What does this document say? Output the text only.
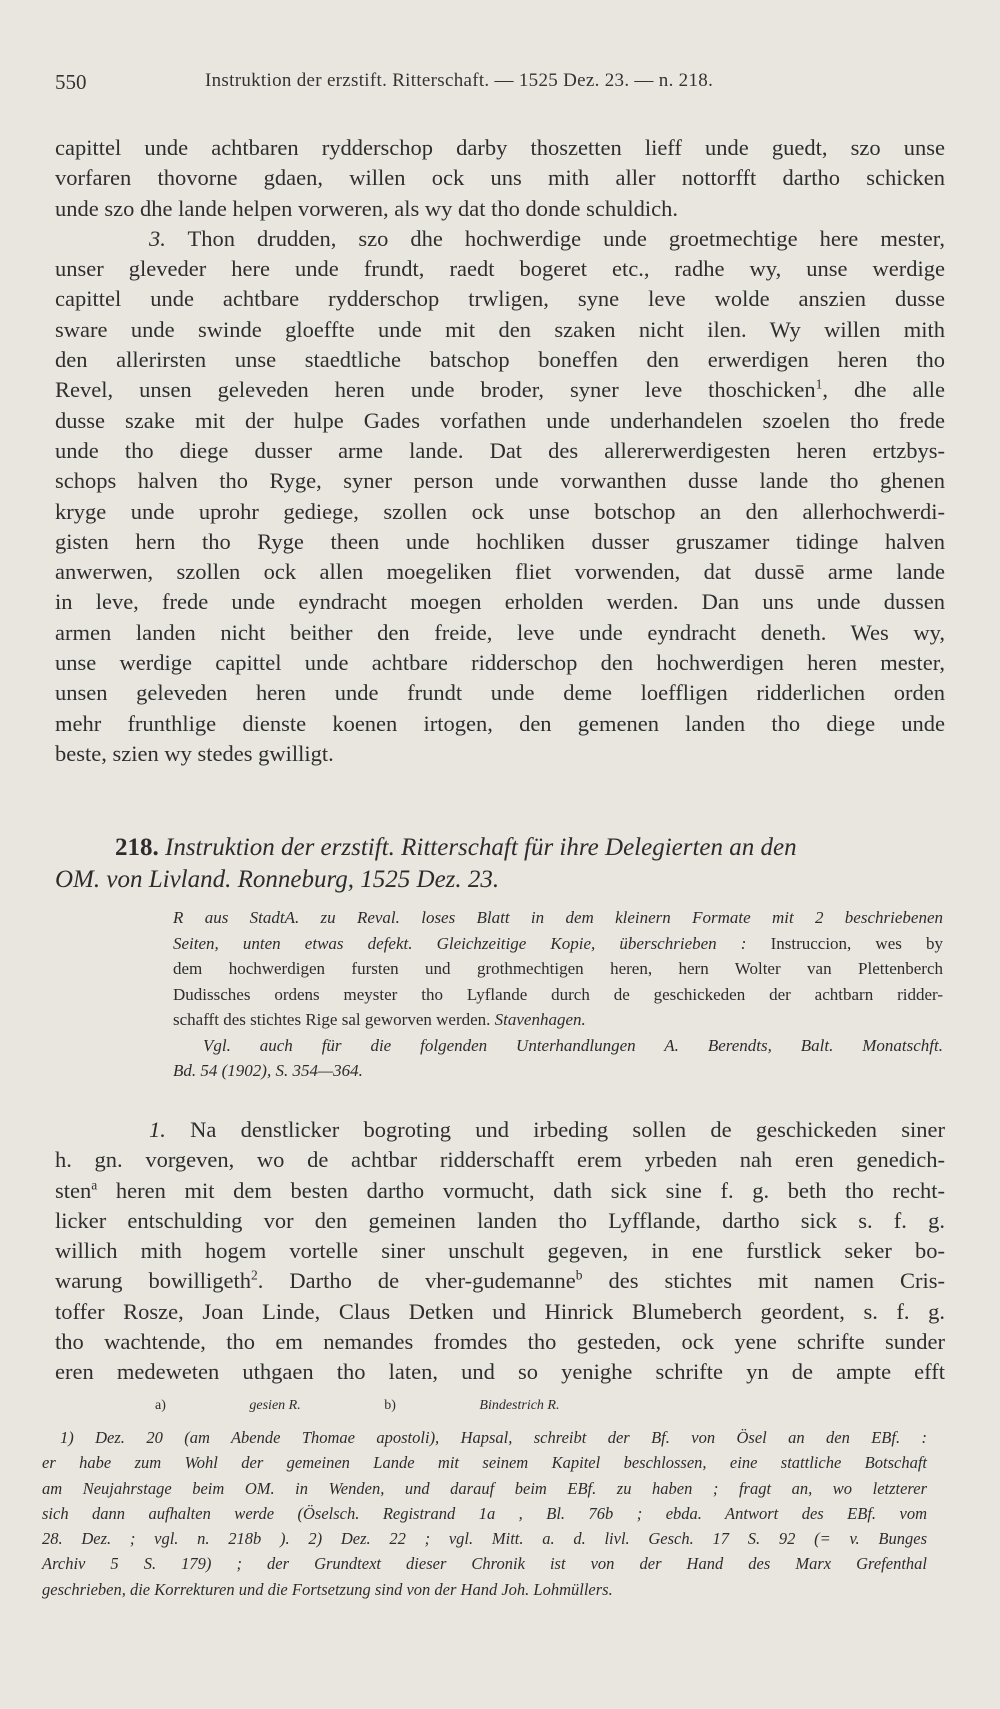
550	Instruktion der erzstift. Ritterschaft. — 1525 Dez. 23. — n. 218.
capittel unde achtbaren rydderschop darby thoszetten lieff unde guedt, szo unse
vorfaren thovorne gdaen, willen ock uns mith aller nottorfft dartho schicken
unde szo dhe lande helpen vorweren, als wy dat tho donde schuldich.
3. Thon drudden, szo dhe hochwerdige unde groetmechtige here mester,
unser gleveder here unde frundt, raedt bogeret etc., radhe wy, unse werdige
capittel unde achtbare rydderschop trwligen, syne leve wolde anszien dusse
sware unde swinde gloeffte unde mit den szaken nicht ilen. Wy willen mith
den allerirsten unse staedtliche batschop boneffen den erwerdigen heren tho
Revel, unsen geleveden heren unde broder, syner leve thoschicken$^1$, dhe alle
dusse szake mit der hulpe Gades vorfathen unde underhandelen szoelen tho frede
unde tho diege dusser arme lande. Dat des allererwerdigesten heren ertzbys-
schops halven tho Ryge, syner person unde vorwanthen dusse lande tho ghenen
kryge unde uprohr gediege, szollen ock unse botschop an den allerhochwerdi-
gisten hern tho Ryge theen unde hochliken dusser gruszamer tidinge halven
anwerwen, szollen ock allen moegeliken fliet vorwenden, dat dussē arme lande
in leve, frede unde eyndracht moegen erholden werden. Dan uns unde dussen
armen landen nicht beither den freide, leve unde eyndracht deneth. Wes wy,
unse werdige capittel unde achtbare ridderschop den hochwerdigen heren mester,
unsen geleveden heren unde frundt unde deme loeffligen ridderlichen orden
mehr frunthlige dienste koenen irtogen, den gemenen landen tho diege unde
beste, szien wy stedes gwilligt.
218. Instruktion der erzstift. Ritterschaft für ihre Delegierten an den
OM. von Livland. Ronneburg, 1525 Dez. 23.
R aus StadtA. zu Reval. loses Blatt in dem kleinern Formate mit 2 beschriebenen
Seiten, unten etwas defekt. Gleichzeitige Kopie, überschrieben : Instruccion, wes by
dem hochwerdigen fursten und grothmechtigen heren, hern Wolter van Plettenberch
Dudissches ordens meyster tho Lyflande durch de geschickeden der achtbarn ridder-
schafft des stichtes Rige sal geworven werden. Stavenhagen.
Vgl. auch für die folgenden Unterhandlungen A. Berendts, Balt. Monatschft.
Bd. 54 (1902), S. 354—364.
1. Na denstlicker bogroting und irbeding sollen de geschickeden siner
h. gn. vorgeven, wo de achtbar ridderschafft erem yrbeden nah eren genedich-
sten$^a$ heren mit dem besten dartho vormucht, dath sick sine f. g. beth tho recht-
licker entschulding vor den gemeinen landen tho Lyfflande, dartho sick s. f. g.
willich mith hogem vortelle siner unschult gegeven, in ene furstlick seker bo-
warung bowilligeth$^2$. Dartho de vher-gudemanne$^b$ des stichtes mit namen Cris-
toffer Rosze, Joan Linde, Claus Detken und Hinrick Blumeberch geordent, s. f. g.
tho wachtende, tho em nemandes fromdes tho gesteden, ock yene schrifte sunder
eren medeweten uthgaen tho laten, und so yenighe schrifte yn de ampte efft
a)	gesien R.	b)	Bindestrich R.
1) Dez. 20 (am Abende Thomae apostoli), Hapsal, schreibt der Bf. von Ösel an den EBf. :
er habe zum Wohl der gemeinen Lande mit seinem Kapitel beschlossen, eine stattliche Botschaft
am Neujahrstage beim OM. in Wenden, und darauf beim EBf. zu haben ; fragt an, wo letzterer
sich dann aufhalten werde (Öselsch. Registrand 1a , Bl. 76b ; ebda. Antwort des EBf. vom
28. Dez. ; vgl. n. 218b ). 2) Dez. 22 ; vgl. Mitt. a. d. livl. Gesch. 17 S. 92 (= v. Bunges
Archiv 5 S. 179) ; der Grundtext dieser Chronik ist von der Hand des Marx Grefenthal
geschrieben, die Korrekturen und die Fortsetzung sind von der Hand Joh. Lohmüllers.
